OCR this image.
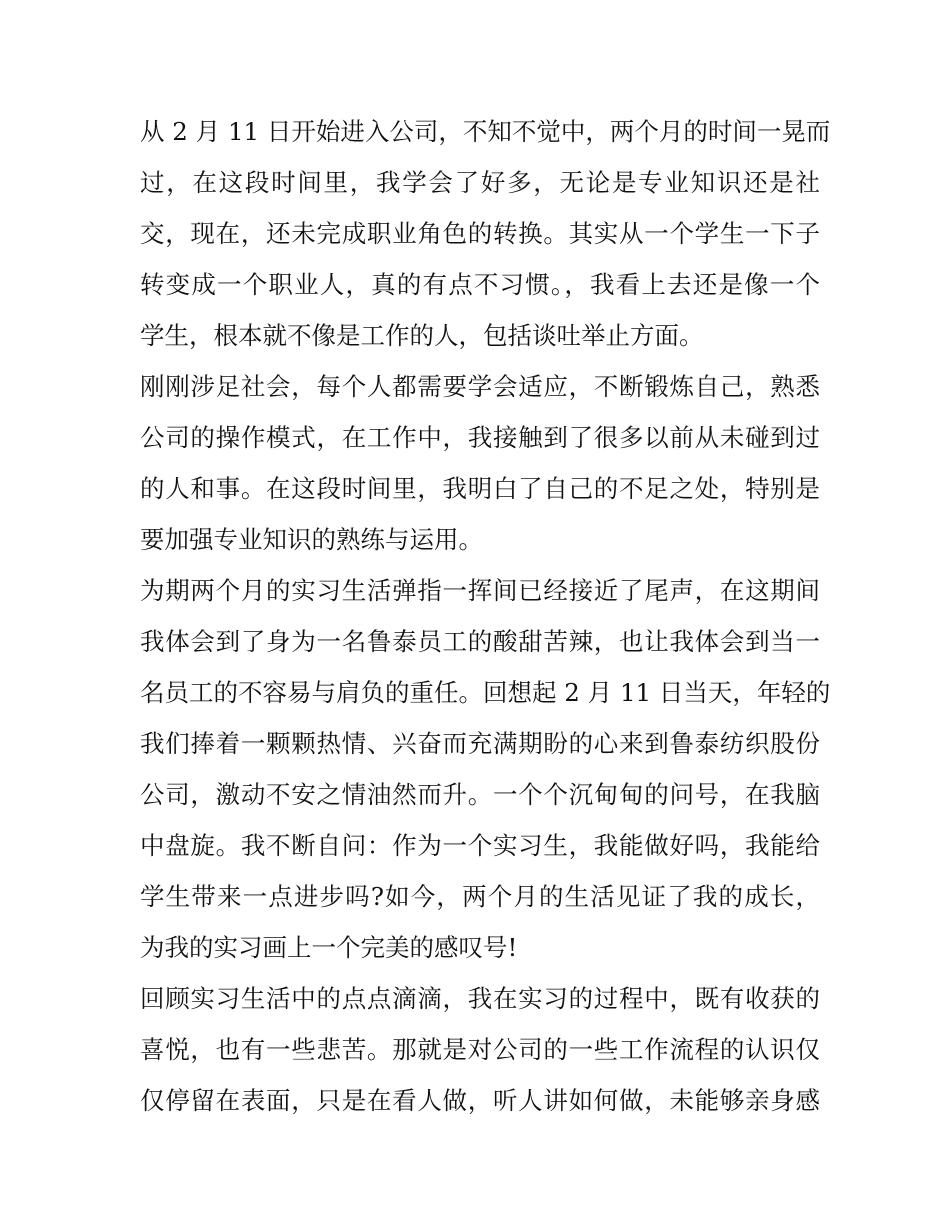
从 2 月 11 日开始进入公司，不知不觉中，两个月的时间一晃而
过，在这段时间里，我学会了好多，无论是专业知识还是社
交，现在，还未完成职业角色的转换。其实从一个学生一下子
转变成一个职业人，真的有点不习惯。，我看上去还是像一个
学生，根本就不像是工作的人，包括谈吐举止方面。
刚刚涉足社会，每个人都需要学会适应，不断锻炼自己，熟悉
公司的操作模式，在工作中，我接触到了很多以前从未碰到过
的人和事。在这段时间里，我明白了自己的不足之处，特别是
要加强专业知识的熟练与运用。
为期两个月的实习生活弹指一挥间已经接近了尾声，在这期间
我体会到了身为一名鲁泰员工的酸甜苦辣，也让我体会到当一
名员工的不容易与肩负的重任。回想起 2 月 11 日当天，年轻的
我们捧着一颗颗热情、兴奋而充满期盼的心来到鲁泰纺织股份
公司，激动不安之情油然而升。一个个沉甸甸的问号，在我脑
中盘旋。我不断自问：作为一个实习生，我能做好吗，我能给
学生带来一点进步吗?如今，两个月的生活见证了我的成长，
为我的实习画上一个完美的感叹号!
回顾实习生活中的点点滴滴，我在实习的过程中，既有收获的
喜悦，也有一些悲苦。那就是对公司的一些工作流程的认识仅
仅停留在表面，只是在看人做，听人讲如何做，未能够亲身感
